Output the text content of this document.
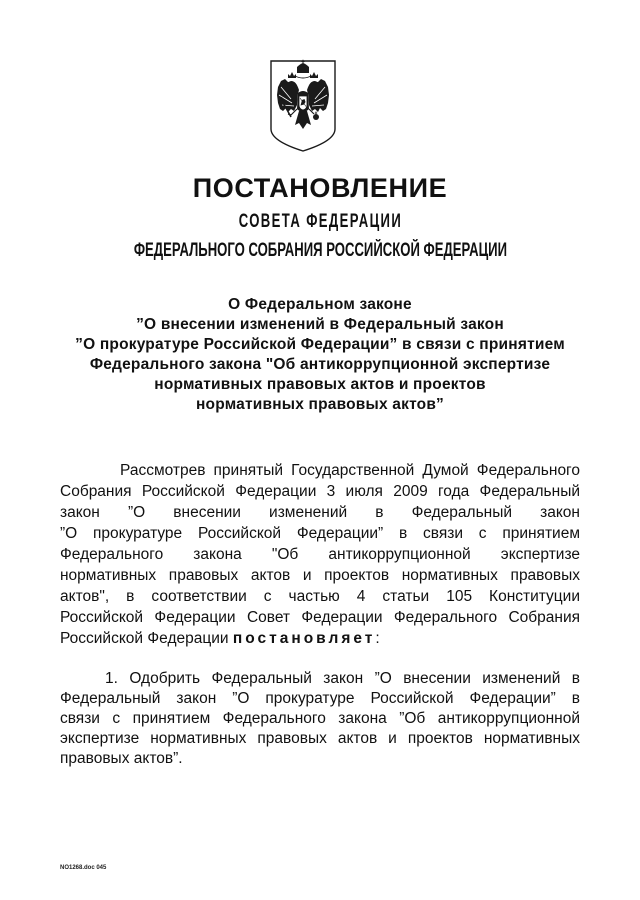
ПОСТАНОВЛЕНИЕ
СОВЕТА ФЕДЕРАЦИИ
ФЕДЕРАЛЬНОГО СОБРАНИЯ РОССИЙСКОЙ ФЕДЕРАЦИИ
О Федеральном законе
”О внесении изменений в Федеральный закон
”О прокуратуре Российской Федерации” в связи с принятием
Федерального закона "Об антикоррупционной экспертизе
нормативных правовых актов и проектов
нормативных правовых актов”
Рассмотрев принятый Государственной Думой Федерального
Собрания Российской Федерации 3 июля 2009 года Федеральный
закон ”О внесении изменений в Федеральный закон
”О прокуратуре Российской Федерации” в связи с принятием
Федерального закона "Об антикоррупционной экспертизе
нормативных правовых актов и проектов нормативных правовых
актов", в соответствии с частью 4 статьи 105 Конституции
Российской Федерации Совет Федерации Федерального Собрания
Российской Федерации постановляет:
1. Одобрить Федеральный закон ”О внесении изменений в
Федеральный закон ”О прокуратуре Российской Федерации” в
связи с принятием Федерального закона ”Об антикоррупционной
экспертизе нормативных правовых актов и проектов нормативных
правовых актов”.
NO1268.doc 045
